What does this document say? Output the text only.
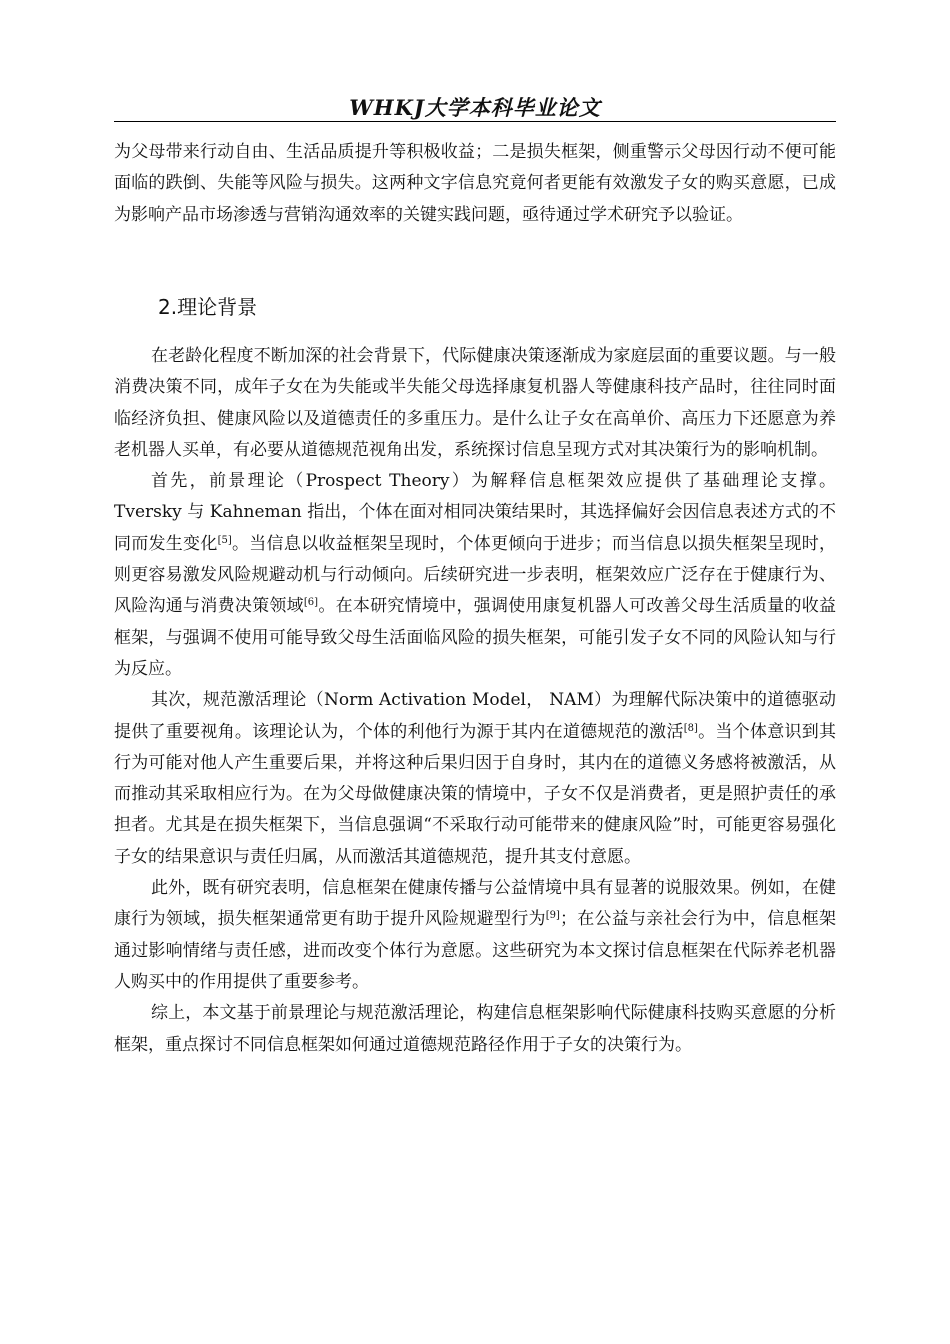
WHKJ大学本科毕业论文

为父母带来行动自由、生活品质提升等积极收益；二是损失框架，侧重警示父母因行动不便可能面临的跌倒、失能等风险与损失。这两种文字信息究竟何者更能有效激发子女的购买意愿，已成为影响产品市场渗透与营销沟通效率的关键实践问题，亟待通过学术研究予以验证。

2.理论背景

在老龄化程度不断加深的社会背景下，代际健康决策逐渐成为家庭层面的重要议题。与一般消费决策不同，成年子女在为失能或半失能父母选择康复机器人等健康科技产品时，往往同时面临经济负担、健康风险以及道德责任的多重压力。是什么让子女在高单价、高压力下还愿意为养老机器人买单，有必要从道德规范视角出发，系统探讨信息呈现方式对其决策行为的影响机制。

首先，前景理论（Prospect Theory）为解释信息框架效应提供了基础理论支撑。Tversky 与 Kahneman 指出，个体在面对相同决策结果时，其选择偏好会因信息表述方式的不同而发生变化[5]。当信息以收益框架呈现时，个体更倾向于进步；而当信息以损失框架呈现时，则更容易激发风险规避动机与行动倾向。后续研究进一步表明，框架效应广泛存在于健康行为、风险沟通与消费决策领域[6]。在本研究情境中，强调使用康复机器人可改善父母生活质量的收益框架，与强调不使用可能导致父母生活面临风险的损失框架，可能引发子女不同的风险认知与行为反应。

其次，规范激活理论（Norm Activation Model， NAM）为理解代际决策中的道德驱动提供了重要视角。该理论认为，个体的利他行为源于其内在道德规范的激活[8]。当个体意识到其行为可能对他人产生重要后果，并将这种后果归因于自身时，其内在的道德义务感将被激活，从而推动其采取相应行为。在为父母做健康决策的情境中，子女不仅是消费者，更是照护责任的承担者。尤其是在损失框架下，当信息强调“不采取行动可能带来的健康风险”时，可能更容易强化子女的结果意识与责任归属，从而激活其道德规范，提升其支付意愿。

此外，既有研究表明，信息框架在健康传播与公益情境中具有显著的说服效果。例如，在健康行为领域，损失框架通常更有助于提升风险规避型行为[9]；在公益与亲社会行为中，信息框架通过影响情绪与责任感，进而改变个体行为意愿。这些研究为本文探讨信息框架在代际养老机器人购买中的作用提供了重要参考。

综上，本文基于前景理论与规范激活理论，构建信息框架影响代际健康科技购买意愿的分析框架，重点探讨不同信息框架如何通过道德规范路径作用于子女的决策行为。
